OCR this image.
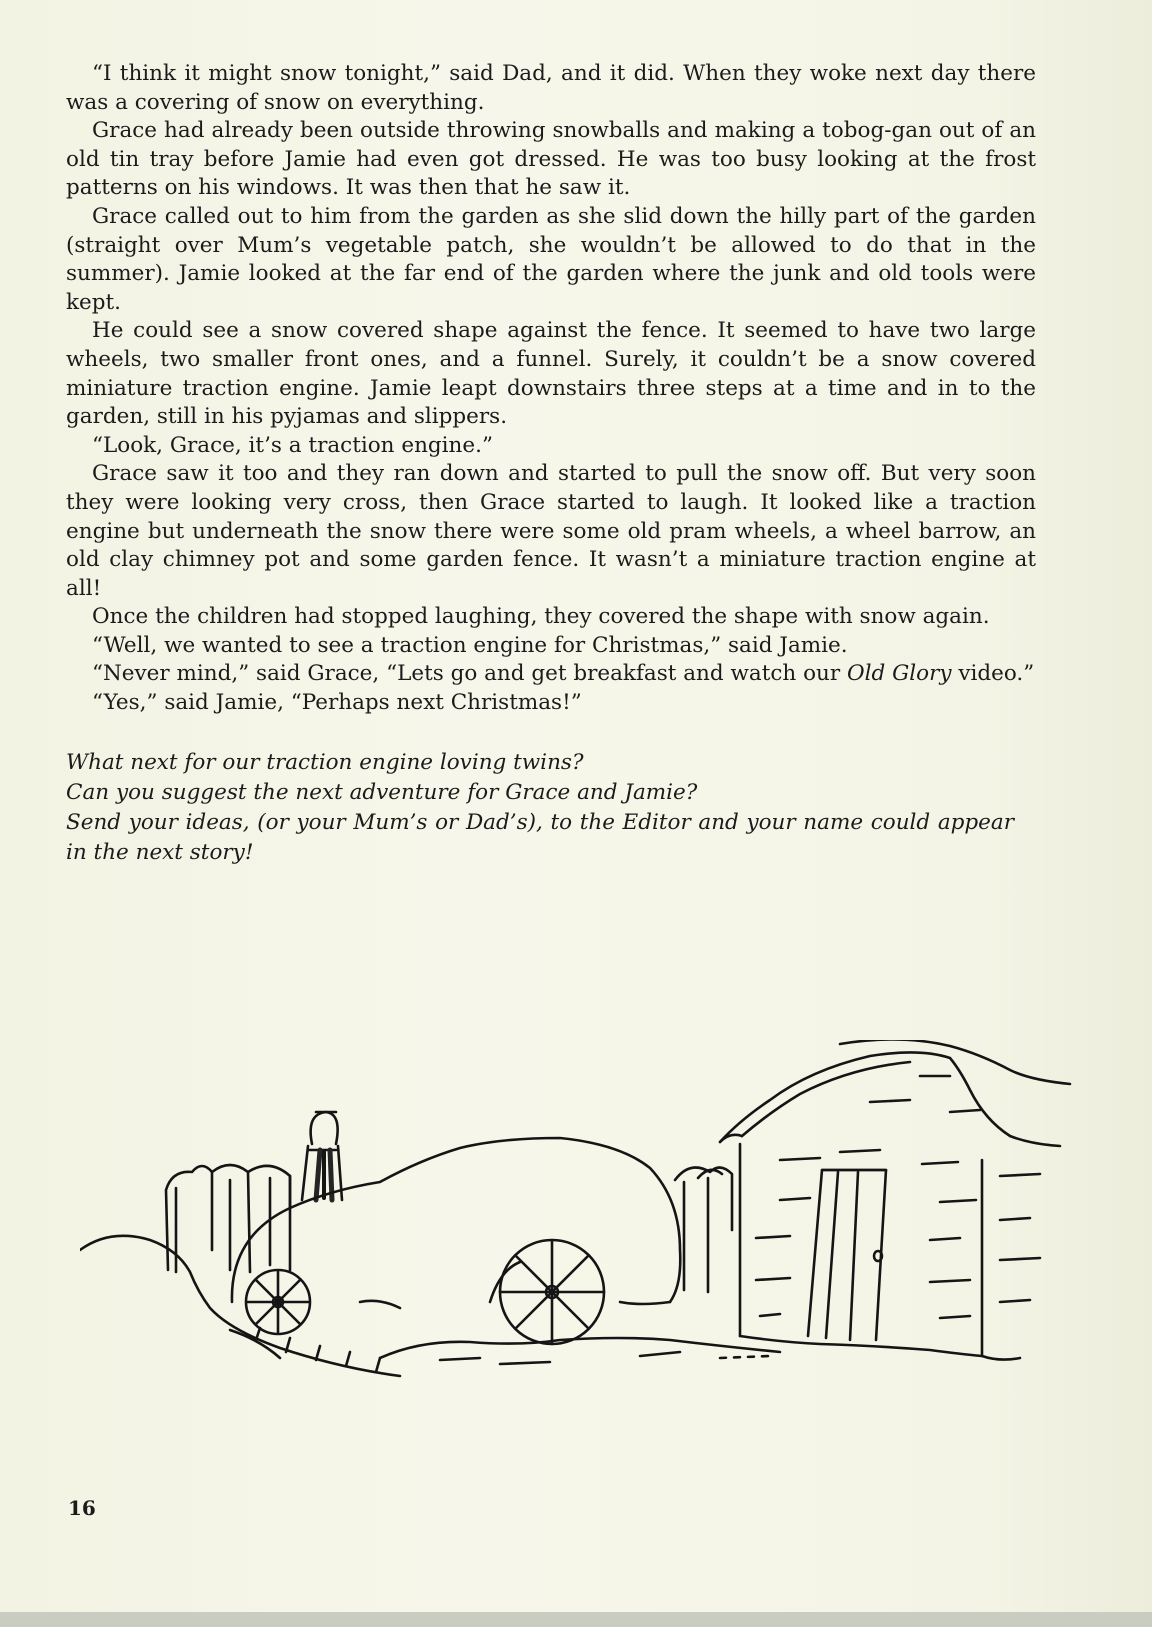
“I think it might snow tonight,” said Dad, and it did. When they woke next day there was a covering of snow on everything.

Grace had already been outside throwing snowballs and making a tobog-gan out of an old tin tray before Jamie had even got dressed. He was too busy looking at the frost patterns on his windows. It was then that he saw it.

Grace called out to him from the garden as she slid down the hilly part of the garden (straight over Mum’s vegetable patch, she wouldn’t be allowed to do that in the summer). Jamie looked at the far end of the garden where the junk and old tools were kept.

He could see a snow covered shape against the fence. It seemed to have two large wheels, two smaller front ones, and a funnel. Surely, it couldn’t be a snow covered miniature traction engine. Jamie leapt downstairs three steps at a time and in to the garden, still in his pyjamas and slippers.

“Look, Grace, it’s a traction engine.”

Grace saw it too and they ran down and started to pull the snow off. But very soon they were looking very cross, then Grace started to laugh. It looked like a traction engine but underneath the snow there were some old pram wheels, a wheel barrow, an old clay chimney pot and some garden fence. It wasn’t a miniature traction engine at all!

Once the children had stopped laughing, they covered the shape with snow again.

“Well, we wanted to see a traction engine for Christmas,” said Jamie.

“Never mind,” said Grace, “Lets go and get breakfast and watch our Old Glory video.”

“Yes,” said Jamie, “Perhaps next Christmas!”

What next for our traction engine loving twins?
Can you suggest the next adventure for Grace and Jamie?
Send your ideas, (or your Mum’s or Dad’s), to the Editor and your name could appear in the next story!
16
